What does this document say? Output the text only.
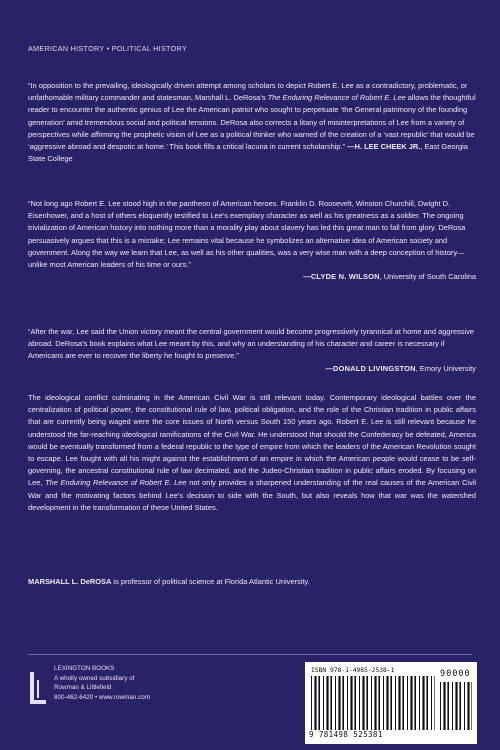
AMERICAN HISTORY • POLITICAL HISTORY

“In opposition to the prevailing, ideologically driven attempt among scholars to depict Robert E. Lee as a contradictory, problematic, or unfathomable military commander and statesman, Marshall L. DeRosa’s The Enduring Relevance of Robert E. Lee allows the thoughtful reader to encounter the authentic genius of Lee the American patriot who sought to perpetuate ‘the General patrimony of the founding generation’ amid tremendous social and political tensions. DeRosa also corrects a litany of misinterpretations of Lee from a variety of perspectives while affirming the prophetic vision of Lee as a political thinker who warned of the creation of a ‘vast republic’ that would be ‘aggressive abroad and despotic at home.’ This book fills a critical lacuna in current scholarship.” —H. LEE CHEEK JR., East Georgia State College

“Not long ago Robert E. Lee stood high in the pantheon of American heroes. Franklin D. Roosevelt, Winston Churchill, Dwight D. Eisenhower, and a host of others eloquently testified to Lee’s exemplary character as well as his greatness as a soldier. The ongoing trivialization of American history into nothing more than a morality play about slavery has led this great man to fall from glory. DeRosa persuasively argues that this is a mistake; Lee remains vital because he symbolizes an alternative idea of American society and government. Along the way we learn that Lee, as well as his other qualities, was a very wise man with a deep conception of history—unlike most American leaders of his time or ours.”

—CLYDE N. WILSON, University of South Carolina

“After the war, Lee said the Union victory meant the central government would become progressively tyrannical at home and aggressive abroad. DeRosa’s book explains what Lee meant by this, and why an understanding of his character and career is necessary if Americans are ever to recover the liberty he fought to preserve.”

—DONALD LIVINGSTON, Emory University

The ideological conflict culminating in the American Civil War is still relevant today. Contemporary ideological battles over the centralization of political power, the constitutional rule of law, political obligation, and the role of the Christian tradition in public affairs that are currently being waged were the core issues of North versus South 150 years ago. Robert E. Lee is still relevant because he understood the far-reaching ideological ramifications of the Civil War. He understood that should the Confederacy be defeated, America would be eventually transformed from a federal republic to the type of empire from which the leaders of the American Revolution sought to escape. Lee fought with all his might against the establishment of an empire in which the American people would cease to be self-governing, the ancestral constitutional rule of law decimated, and the Judeo-Christian tradition in public affairs eroded. By focusing on Lee, The Enduring Relevance of Robert E. Lee not only provides a sharpened understanding of the real causes of the American Civil War and the motivating factors behind Lee’s decision to side with the South, but also reveals how that war was the watershed development in the transformation of these United States.

MARSHALL L. DeROSA is professor of political science at Florida Atlantic University.
LEXINGTON BOOKS
A wholly owned subsidiary of
Rowman & Littlefield
800-462-6420 • www.rowman.com
ISBN 978-1-4985-2538-1	90000
9 781498 525381
